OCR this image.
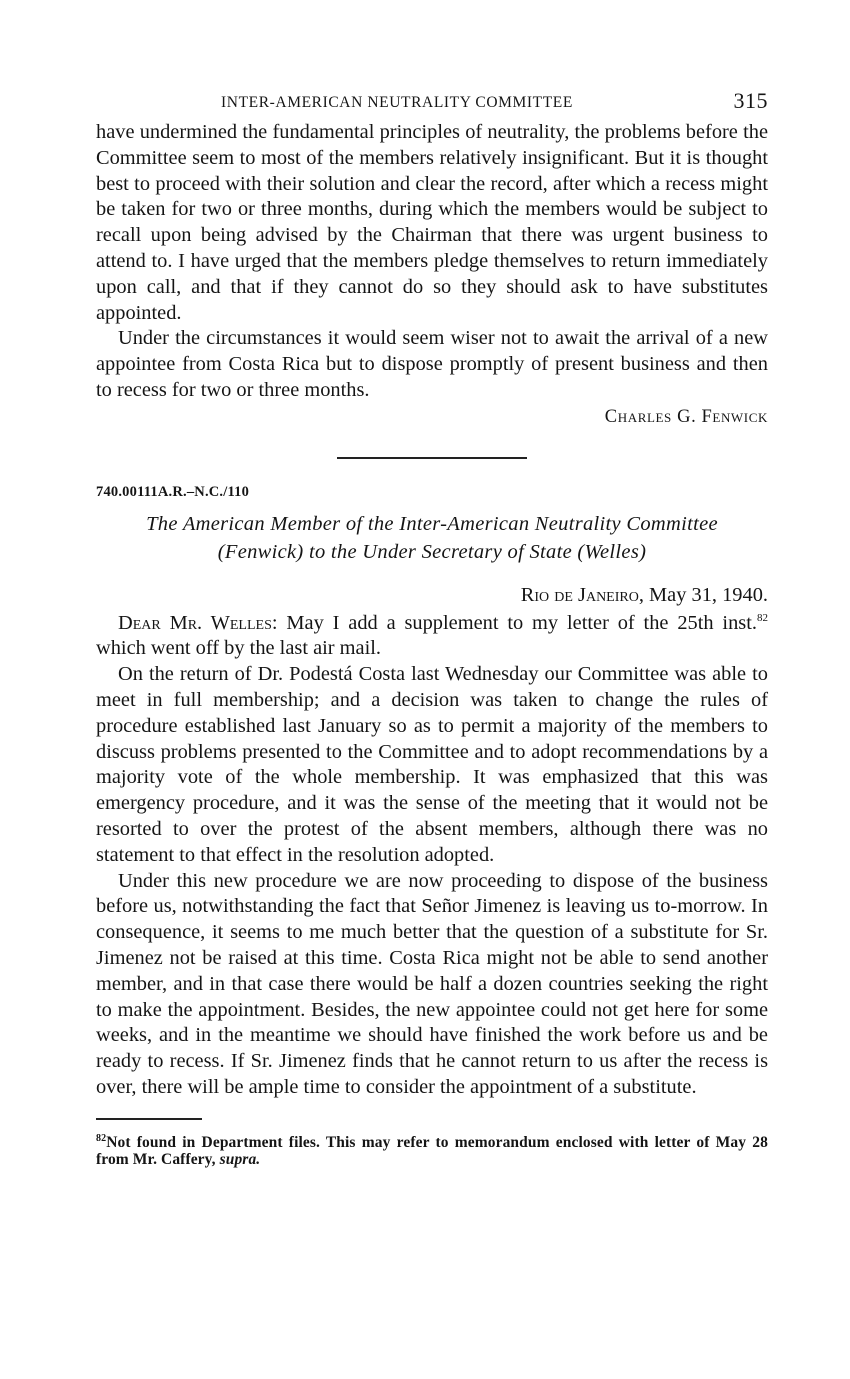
INTER-AMERICAN NEUTRALITY COMMITTEE	315

have undermined the fundamental principles of neutrality, the problems before the Committee seem to most of the members relatively insignificant. But it is thought best to proceed with their solution and clear the record, after which a recess might be taken for two or three months, during which the members would be subject to recall upon being advised by the Chairman that there was urgent business to attend to. I have urged that the members pledge themselves to return immediately upon call, and that if they cannot do so they should ask to have substitutes appointed.

Under the circumstances it would seem wiser not to await the arrival of a new appointee from Costa Rica but to dispose promptly of present business and then to recess for two or three months.

Charles G. Fenwick
740.00111A.R.–N.C./110
The American Member of the Inter-American Neutrality Committee
(Fenwick) to the Under Secretary of State (Welles)
Rio de Janeiro, May 31, 1940.

Dear Mr. Welles: May I add a supplement to my letter of the 25th inst.$^{82}$ which went off by the last air mail.

On the return of Dr. Podestá Costa last Wednesday our Committee was able to meet in full membership; and a decision was taken to change the rules of procedure established last January so as to permit a majority of the members to discuss problems presented to the Committee and to adopt recommendations by a majority vote of the whole membership. It was emphasized that this was emergency procedure, and it was the sense of the meeting that it would not be resorted to over the protest of the absent members, although there was no statement to that effect in the resolution adopted.

Under this new procedure we are now proceeding to dispose of the business before us, notwithstanding the fact that Señor Jimenez is leaving us to-morrow. In consequence, it seems to me much better that the question of a substitute for Sr. Jimenez not be raised at this time. Costa Rica might not be able to send another member, and in that case there would be half a dozen countries seeking the right to make the appointment. Besides, the new appointee could not get here for some weeks, and in the meantime we should have finished the work before us and be ready to recess. If Sr. Jimenez finds that he cannot return to us after the recess is over, there will be ample time to consider the appointment of a substitute.

$^{82}$Not found in Department files. This may refer to memorandum enclosed with letter of May 28 from Mr. Caffery, supra.
